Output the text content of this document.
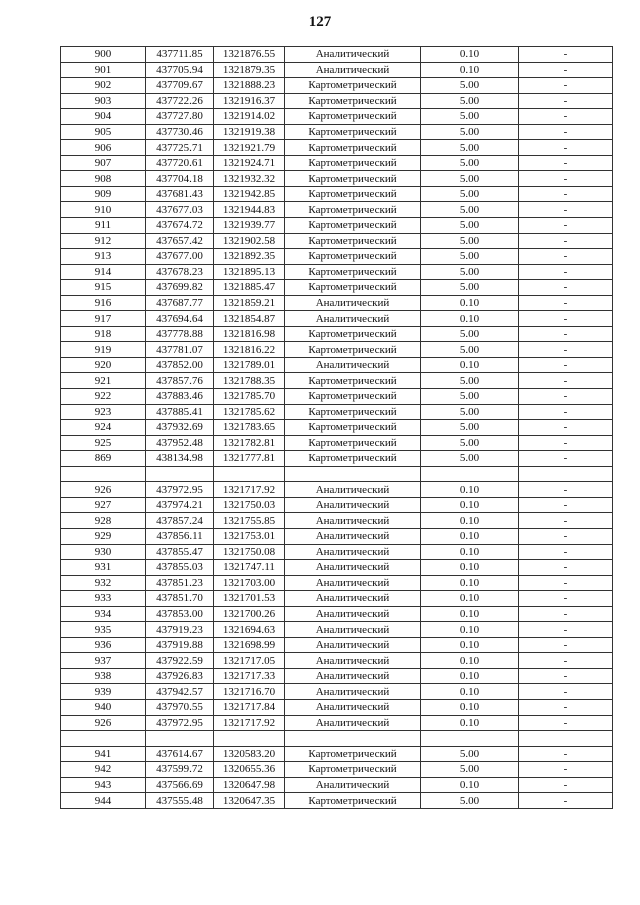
127
900	437711.85	1321876.55	Аналитический	0.10	-
901	437705.94	1321879.35	Аналитический	0.10	-
902	437709.67	1321888.23	Картометрический	5.00	-
903	437722.26	1321916.37	Картометрический	5.00	-
904	437727.80	1321914.02	Картометрический	5.00	-
905	437730.46	1321919.38	Картометрический	5.00	-
906	437725.71	1321921.79	Картометрический	5.00	-
907	437720.61	1321924.71	Картометрический	5.00	-
908	437704.18	1321932.32	Картометрический	5.00	-
909	437681.43	1321942.85	Картометрический	5.00	-
910	437677.03	1321944.83	Картометрический	5.00	-
911	437674.72	1321939.77	Картометрический	5.00	-
912	437657.42	1321902.58	Картометрический	5.00	-
913	437677.00	1321892.35	Картометрический	5.00	-
914	437678.23	1321895.13	Картометрический	5.00	-
915	437699.82	1321885.47	Картометрический	5.00	-
916	437687.77	1321859.21	Аналитический	0.10	-
917	437694.64	1321854.87	Аналитический	0.10	-
918	437778.88	1321816.98	Картометрический	5.00	-
919	437781.07	1321816.22	Картометрический	5.00	-
920	437852.00	1321789.01	Аналитический	0.10	-
921	437857.76	1321788.35	Картометрический	5.00	-
922	437883.46	1321785.70	Картометрический	5.00	-
923	437885.41	1321785.62	Картометрический	5.00	-
924	437932.69	1321783.65	Картометрический	5.00	-
925	437952.48	1321782.81	Картометрический	5.00	-
869	438134.98	1321777.81	Картометрический	5.00	-

926	437972.95	1321717.92	Аналитический	0.10	-
927	437974.21	1321750.03	Аналитический	0.10	-
928	437857.24	1321755.85	Аналитический	0.10	-
929	437856.11	1321753.01	Аналитический	0.10	-
930	437855.47	1321750.08	Аналитический	0.10	-
931	437855.03	1321747.11	Аналитический	0.10	-
932	437851.23	1321703.00	Аналитический	0.10	-
933	437851.70	1321701.53	Аналитический	0.10	-
934	437853.00	1321700.26	Аналитический	0.10	-
935	437919.23	1321694.63	Аналитический	0.10	-
936	437919.88	1321698.99	Аналитический	0.10	-
937	437922.59	1321717.05	Аналитический	0.10	-
938	437926.83	1321717.33	Аналитический	0.10	-
939	437942.57	1321716.70	Аналитический	0.10	-
940	437970.55	1321717.84	Аналитический	0.10	-
926	437972.95	1321717.92	Аналитический	0.10	-

941	437614.67	1320583.20	Картометрический	5.00	-
942	437599.72	1320655.36	Картометрический	5.00	-
943	437566.69	1320647.98	Аналитический	0.10	-
944	437555.48	1320647.35	Картометрический	5.00	-
